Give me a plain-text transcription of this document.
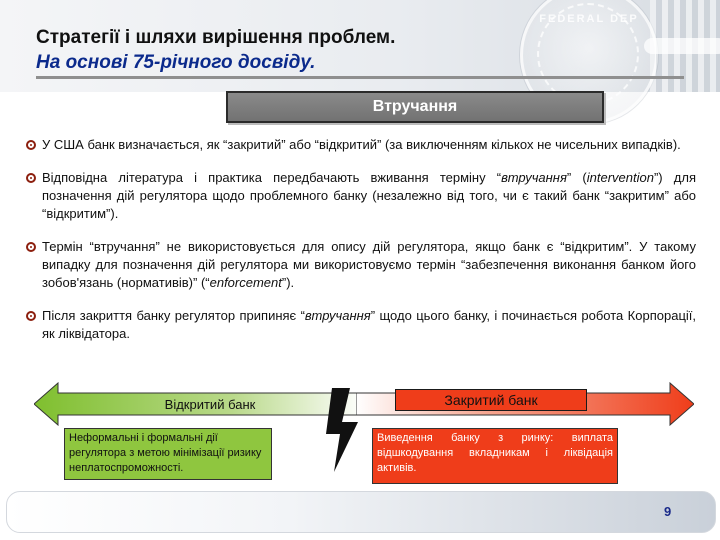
FEDERAL DEP
Стратегії і шляхи вирішення проблем.
На основі 75-річного досвіду.
Втручання
У США банк визначається, як “закритий” або “відкритий” (за виключенням кількох не чисельних випадків).
Відповідна література і практика передбачають вживання терміну “втручання” (intervention”) для позначення дій регулятора щодо проблемного банку (незалежно від того, чи є такий банк “закритим” або “відкритим”).
Термін “втручання” не використовується для опису дій регулятора, якщо банк є “відкритим”. У такому випадку для позначення дій регулятора ми використовуємо термін “забезпечення виконання банком його зобов'язань (нормативів)” (“enforcement”).
Після закриття банку регулятор припиняє “втручання” щодо цього банку, і починається робота Корпорації, як ліквідатора.
Відкритий банк	Закритий банк
Неформальні і формальні дії регулятора з метою мінімізації ризику неплатоспроможності.
Виведення банку з ринку: виплата відшкодування вкладникам і ліквідація активів.
9
